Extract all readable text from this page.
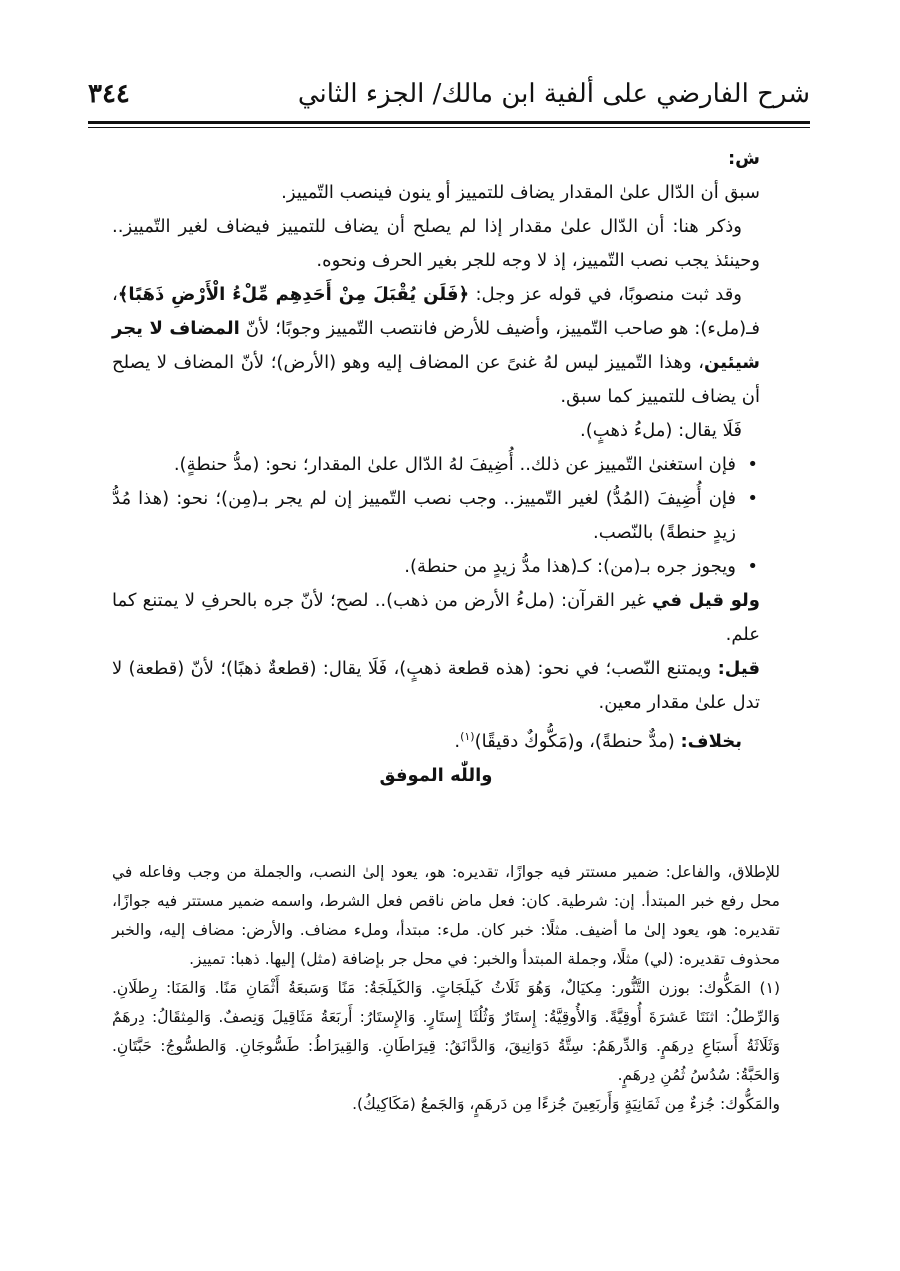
شرح الفارضي على ألفية ابن مالك/ الجزء الثاني
٣٤٤

ش:

سبق أن الدّال علىٰ المقدار يضاف للتمييز أو ينون فينصب التّمييز.

وذكر هنا: أن الدّال علىٰ مقدار إذا لم يصلح أن يضاف للتمييز فيضاف لغير التّمييز.. وحينئذ يجب نصب التّمييز، إذ لا وجه للجر بغير الحرف ونحوه.

وقد ثبت منصوبًا، في قوله عز وجل: ﴿فَلَن يُقْبَلَ مِنْ أَحَدِهِم مِّلْءُ الْأَرْضِ ذَهَبًا﴾، فـ(ملء): هو صاحب التّمييز، وأضيف للأرض فانتصب التّمييز وجوبًا؛ لأنّ المضاف لا يجر شيئين، وهذا التّمييز ليس لهُ غنىً عن المضاف إليه وهو (الأرض)؛ لأنّ المضاف لا يصلح أن يضاف للتمييز كما سبق.

فَلَا يقال: (ملءُ ذهبٍ).

• فإن استغنىٰ التّمييز عن ذلك.. أُضِيفَ لهُ الدّال علىٰ المقدار؛ نحو: (مدُّ حنطةٍ).
• فإن أُضِيفَ (المُدُّ) لغير التّمييز.. وجب نصب التّمييز إن لم يجر بـ(مِن)؛ نحو: (هذا مُدُّ زيدٍ حنطةً) بالنّصب.
• ويجوز جره بـ(من): كـ(هذا مدُّ زيدٍ من حنطة).

ولو قيل في غير القرآن: (ملءُ الأرض من ذهب).. لصح؛ لأنّ جره بالحرفِ لا يمتنع كما علم.

قيل: ويمتنع النّصب؛ في نحو: (هذه قطعة ذهبٍ)، فَلَا يقال: (قطعةٌ ذهبًا)؛ لأنّ (قطعة) لا تدل علىٰ مقدار معين.

بخلاف: (مدٌّ حنطةً)، و(مَكُّوكٌ دقيقًا)$^{(١)}$.

واللّٰه الموفق

للإطلاق، والفاعل: ضمير مستتر فيه جوازًا، تقديره: هو، يعود إلىٰ النصب، والجملة من وجب وفاعله في محل رفع خبر المبتدأ. إن: شرطية. كان: فعل ماض ناقص فعل الشرط، واسمه ضمير مستتر فيه جوازًا، تقديره: هو، يعود إلىٰ ما أضيف. مثلًا: خبر كان. ملء: مبتدأ، وملء مضاف. والأرض: مضاف إليه، والخبر محذوف تقديره: (لي) مثلًا، وجملة المبتدأ والخبر: في محل جر بإضافة (مثل) إليها. ذهبا: تمييز.

(١) المَكُّوك: بوزن التَّنُّور: مِكيَالٌ، وَهُوَ ثَلَاثُ كَيلَجَاتٍ. وَالكَيلَجَةُ: مَنًا وَسَبعَةُ أَثْمَانِ مَنًا. وَالمَنَا: رِطلَانِ. وَالرِّطلُ: اثنَتَا عَشرَةَ أُوقِيَّةً. وَالأُوقِيَّةُ: إِستَارٌ وَثُلُثَا إِستَارٍ. وَالإِستَارُ: أَربَعَةُ مَثَاقِيلَ وَنِصفٌ. وَالمِثقَالُ: دِرهَمٌ وَثَلَاثَةُ أَسبَاعِ دِرهَمٍ. وَالدِّرهَمُ: سِتَّةُ دَوَانِيقَ، وَالدَّانَقُ: قِيرَاطَانِ. وَالقِيرَاطُ: طَسُّوجَانِ. وَالطسُّوجُ: حَبَّتَانِ. وَالحَبَّةُ: سُدُسُ ثُمُنِ دِرهَمٍ.

والمَكُّوك: جُزءٌ مِن ثَمَانِيَةٍ وَأَربَعِينَ جُزءًا مِن دَرهَمٍ، وَالجَمعُ (مَكَاكِيكُ).
